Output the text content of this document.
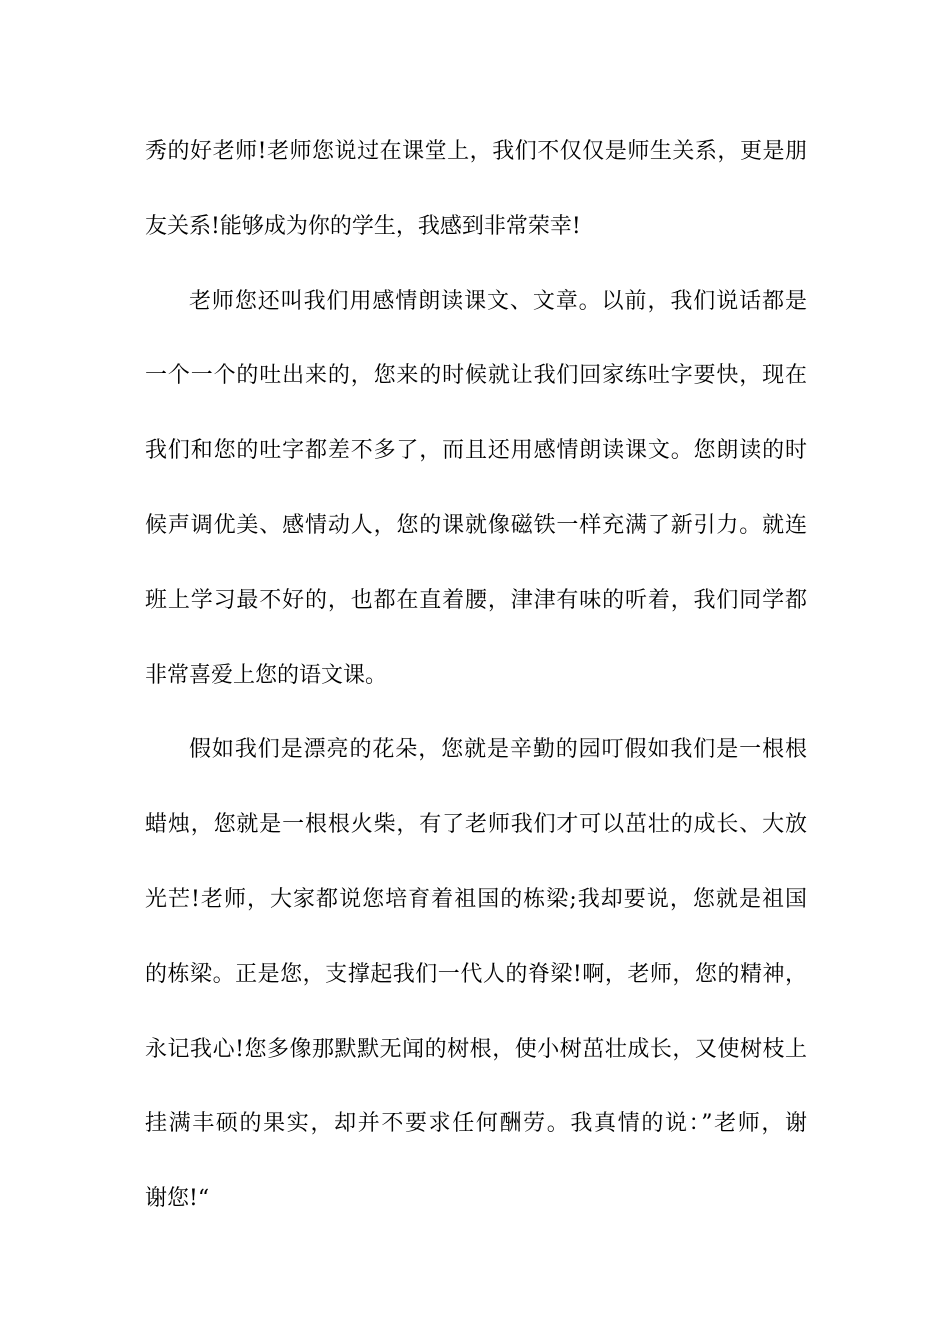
秀的好老师!老师您说过在课堂上，我们不仅仅是师生关系，更是朋
友关系!能够成为你的学生，我感到非常荣幸!
老师您还叫我们用感情朗读课文、文章。以前，我们说话都是
一个一个的吐出来的，您来的时候就让我们回家练吐字要快，现在
我们和您的吐字都差不多了，而且还用感情朗读课文。您朗读的时
候声调优美、感情动人，您的课就像磁铁一样充满了新引力。就连
班上学习最不好的，也都在直着腰，津津有味的听着，我们同学都
非常喜爱上您的语文课。
假如我们是漂亮的花朵，您就是辛勤的园叮假如我们是一根根
蜡烛，您就是一根根火柴，有了老师我们才可以茁壮的成长、大放
光芒!老师，大家都说您培育着祖国的栋梁;我却要说，您就是祖国
的栋梁。正是您，支撑起我们一代人的脊梁!啊，老师，您的精神，
永记我心!您多像那默默无闻的树根，使小树茁壮成长，又使树枝上
挂满丰硕的果实，却并不要求任何酬劳。我真情的说：”老师，谢
谢您!“
